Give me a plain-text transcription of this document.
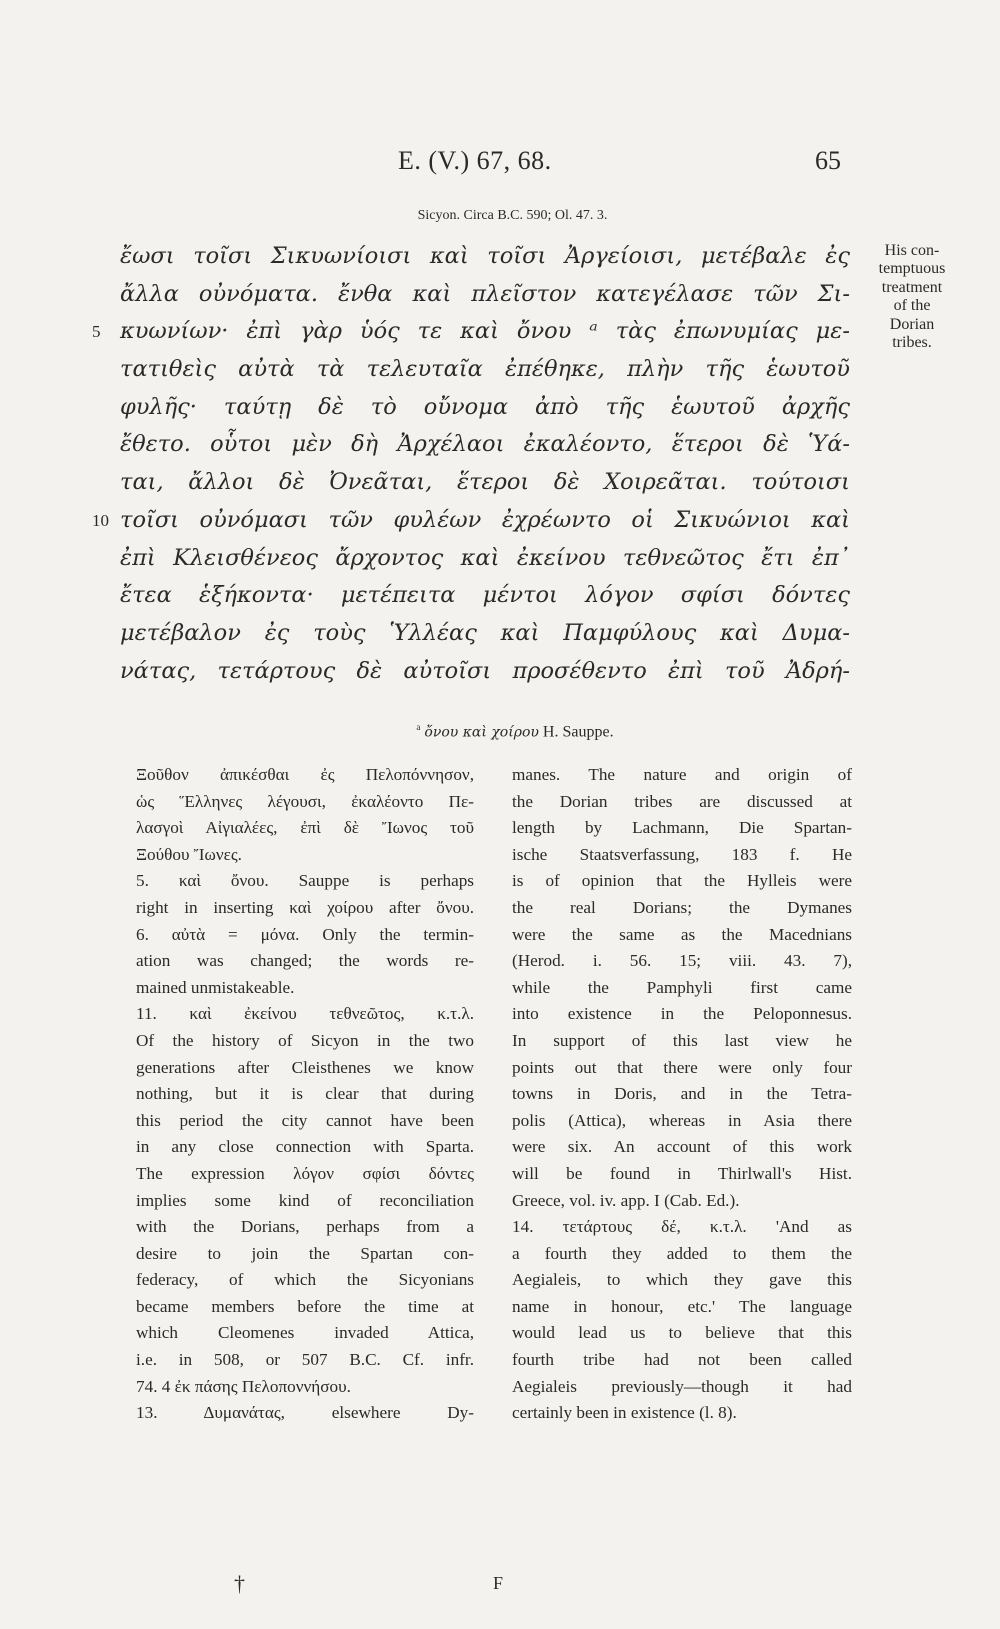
E. (V.) 67, 68.	65
Sicyon. Circa B.C. 590; Ol. 47. 3.
ἔωσι τοῖσι Σικυωνίοισι καὶ τοῖσι Ἀργείοισι, μετέβαλε ἐς
ἄλλα οὐνόματα. ἔνθα καὶ πλεῖστον κατεγέλασε τῶν Σι-
5 κυωνίων· ἐπὶ γὰρ ὑός τε καὶ ὄνου ᵃ τὰς ἐπωνυμίας με-
τατιθεὶς αὐτὰ τὰ τελευταῖα ἐπέθηκε, πλὴν τῆς ἑωυτοῦ
φυλῆς· ταύτῃ δὲ τὸ οὔνομα ἀπὸ τῆς ἑωυτοῦ ἀρχῆς
ἔθετο. οὗτοι μὲν δὴ Ἀρχέλαοι ἐκαλέοντο, ἕτεροι δὲ Ὑά-
ται, ἄλλοι δὲ Ὀνεᾶται, ἕτεροι δὲ Χοιρεᾶται. τούτοισι
10 τοῖσι οὐνόμασι τῶν φυλέων ἐχρέωντο οἱ Σικυώνιοι καὶ
ἐπὶ Κλεισθένεος ἄρχοντος καὶ ἐκείνου τεθνεῶτος ἔτι ἐπ᾽
ἔτεα ἑξήκοντα· μετέπειτα μέντοι λόγον σφίσι δόντες
μετέβαλον ἐς τοὺς Ὑλλέας καὶ Παμφύλους καὶ Δυμα-
νάτας, τετάρτους δὲ αὐτοῖσι προσέθεντο ἐπὶ τοῦ Ἀδρή-
His con-
temptuous
treatment
of the
Dorian
tribes.
$^a$ ὄνου καὶ χοίρου H. Sauppe.
Ξοῦθον ἀπικέσθαι ἐς Πελοπόννησον,
ὡς Ἕλληνες λέγουσι, ἐκαλέοντο Πε-
λασγοὶ Αἰγιαλέες, ἐπὶ δὲ Ἴωνος τοῦ
Ξούθου Ἴωνες.
5. καὶ ὄνου. Sauppe is perhaps
right in inserting καὶ χοίρου after ὄνου.
6. αὐτὰ = μόνα. Only the termin-
ation was changed; the words re-
mained unmistakeable.
11. καὶ ἐκείνου τεθνεῶτος, κ.τ.λ.
Of the history of Sicyon in the two
generations after Cleisthenes we know
nothing, but it is clear that during
this period the city cannot have been
in any close connection with Sparta.
The expression λόγον σφίσι δόντες
implies some kind of reconciliation
with the Dorians, perhaps from a
desire to join the Spartan con-
federacy, of which the Sicyonians
became members before the time at
which Cleomenes invaded Attica,
i.e. in 508, or 507 B.C. Cf. infr.
74. 4 ἐκ πάσης Πελοποννήσου.
13. Δυμανάτας, elsewhere Dy-
manes. The nature and origin of
the Dorian tribes are discussed at
length by Lachmann, Die Spartan-
ische Staatsverfassung, 183 f. He
is of opinion that the Hylleis were
the real Dorians; the Dymanes
were the same as the Macednians
(Herod. i. 56. 15; viii. 43. 7),
while the Pamphyli first came
into existence in the Peloponnesus.
In support of this last view he
points out that there were only four
towns in Doris, and in the Tetra-
polis (Attica), whereas in Asia there
were six. An account of this work
will be found in Thirlwall's Hist.
Greece, vol. iv. app. I (Cab. Ed.).
14. τετάρτους δέ, κ.τ.λ. 'And as
a fourth they added to them the
Aegialeis, to which they gave this
name in honour, etc.' The language
would lead us to believe that this
fourth tribe had not been called
Aegialeis previously—though it had
certainly been in existence (l. 8).
†	F
